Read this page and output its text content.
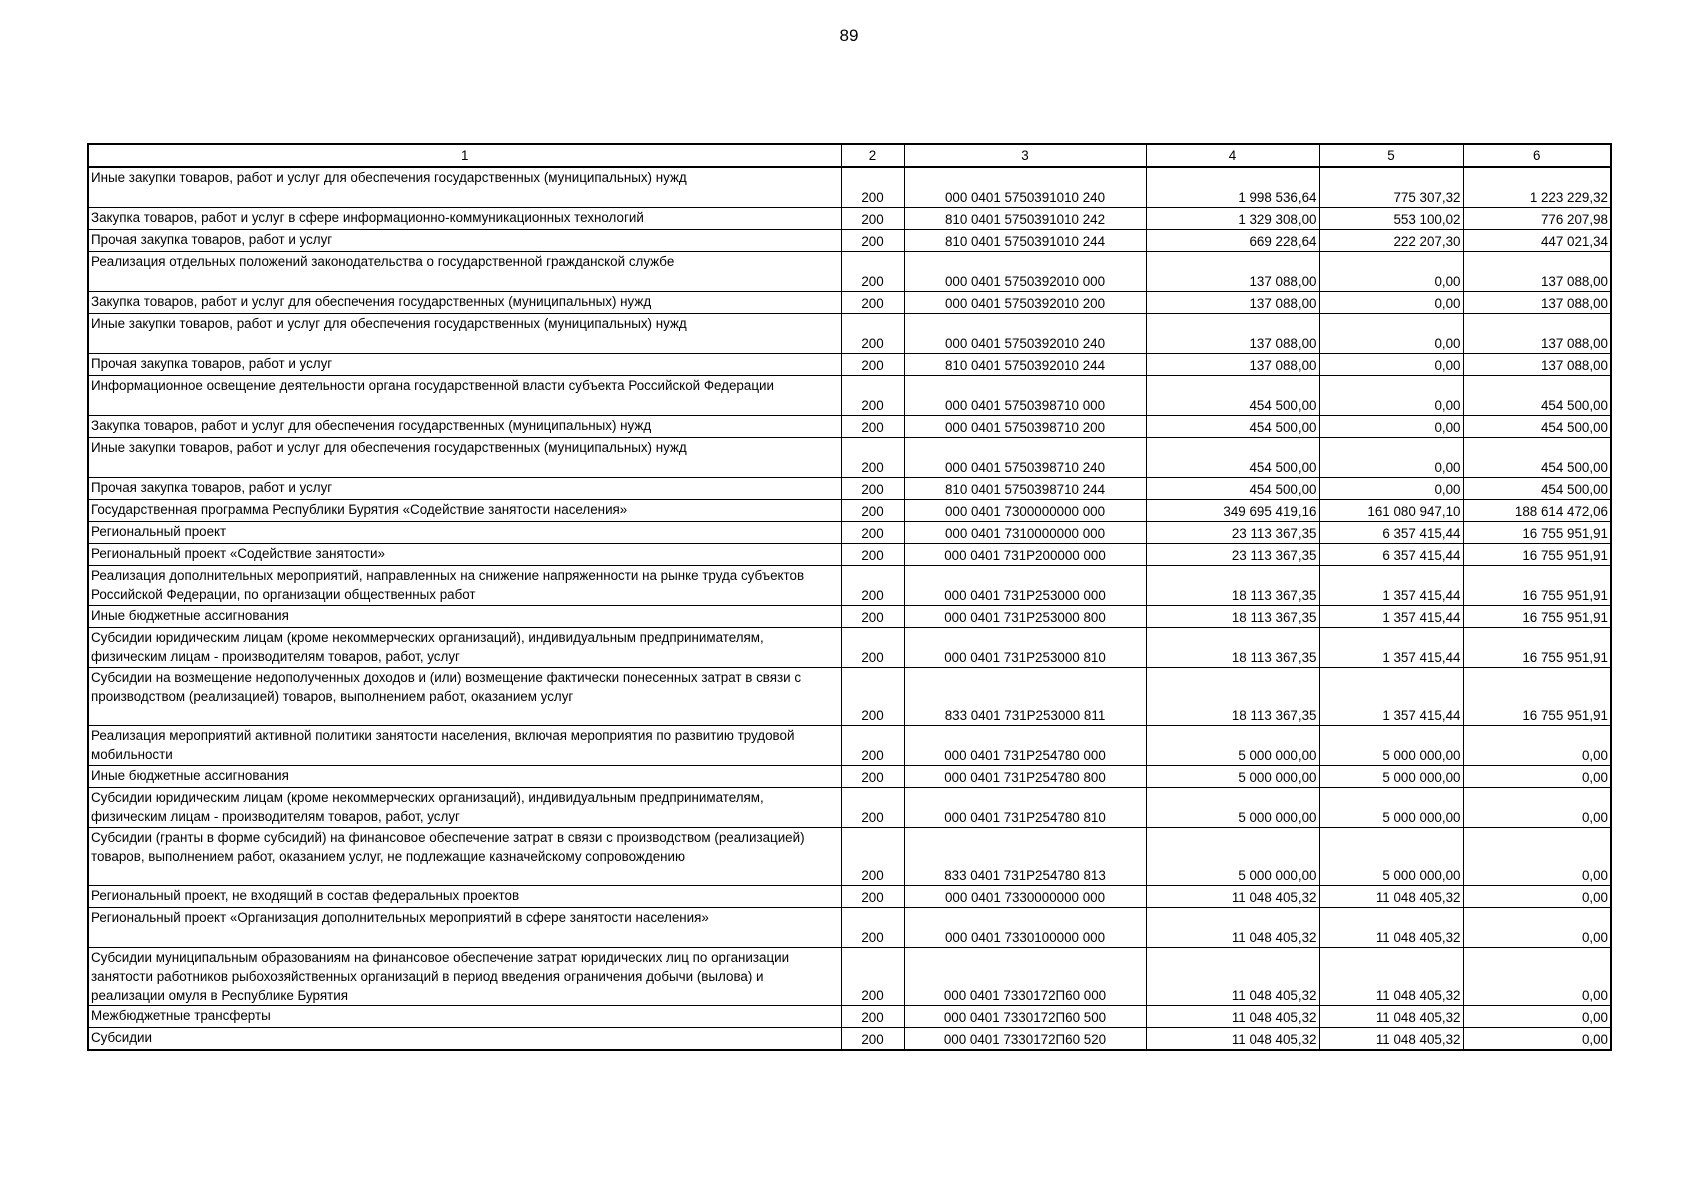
89
1	2	3	4	5	6
Иные закупки товаров, работ и услуг для обеспечения государственных (муниципальных) нужд	200	000 0401 5750391010 240	1 998 536,64	775 307,32	1 223 229,32
Закупка товаров, работ и услуг в сфере информационно-коммуникационных технологий	200	810 0401 5750391010 242	1 329 308,00	553 100,02	776 207,98
Прочая закупка товаров, работ и услуг	200	810 0401 5750391010 244	669 228,64	222 207,30	447 021,34
Реализация отдельных положений законодательства о государственной гражданской службе	200	000 0401 5750392010 000	137 088,00	0,00	137 088,00
Закупка товаров, работ и услуг для обеспечения государственных (муниципальных) нужд	200	000 0401 5750392010 200	137 088,00	0,00	137 088,00
Иные закупки товаров, работ и услуг для обеспечения государственных (муниципальных) нужд	200	000 0401 5750392010 240	137 088,00	0,00	137 088,00
Прочая закупка товаров, работ и услуг	200	810 0401 5750392010 244	137 088,00	0,00	137 088,00
Информационное освещение деятельности органа государственной власти субъекта Российской Федерации	200	000 0401 5750398710 000	454 500,00	0,00	454 500,00
Закупка товаров, работ и услуг для обеспечения государственных (муниципальных) нужд	200	000 0401 5750398710 200	454 500,00	0,00	454 500,00
Иные закупки товаров, работ и услуг для обеспечения государственных (муниципальных) нужд	200	000 0401 5750398710 240	454 500,00	0,00	454 500,00
Прочая закупка товаров, работ и услуг	200	810 0401 5750398710 244	454 500,00	0,00	454 500,00
Государственная программа Республики Бурятия «Содействие занятости населения»	200	000 0401 7300000000 000	349 695 419,16	161 080 947,10	188 614 472,06
Региональный проект	200	000 0401 7310000000 000	23 113 367,35	6 357 415,44	16 755 951,91
Региональный проект «Содействие занятости»	200	000 0401 731P200000 000	23 113 367,35	6 357 415,44	16 755 951,91
Реализация дополнительных мероприятий, направленных на снижение напряженности на рынке труда субъектов Российской Федерации, по организации общественных работ	200	000 0401 731P253000 000	18 113 367,35	1 357 415,44	16 755 951,91
Иные бюджетные ассигнования	200	000 0401 731P253000 800	18 113 367,35	1 357 415,44	16 755 951,91
Субсидии юридическим лицам (кроме некоммерческих организаций), индивидуальным предпринимателям, физическим лицам - производителям товаров, работ, услуг	200	000 0401 731P253000 810	18 113 367,35	1 357 415,44	16 755 951,91
Субсидии на возмещение недополученных доходов и (или) возмещение фактически понесенных затрат в связи с производством (реализацией) товаров, выполнением работ, оказанием услуг	200	833 0401 731P253000 811	18 113 367,35	1 357 415,44	16 755 951,91
Реализация мероприятий активной политики занятости населения, включая мероприятия по развитию трудовой мобильности	200	000 0401 731P254780 000	5 000 000,00	5 000 000,00	0,00
Иные бюджетные ассигнования	200	000 0401 731P254780 800	5 000 000,00	5 000 000,00	0,00
Субсидии юридическим лицам (кроме некоммерческих организаций), индивидуальным предпринимателям, физическим лицам - производителям товаров, работ, услуг	200	000 0401 731P254780 810	5 000 000,00	5 000 000,00	0,00
Субсидии (гранты в форме субсидий) на финансовое обеспечение затрат в связи с производством (реализацией) товаров, выполнением работ, оказанием услуг, не подлежащие казначейскому сопровождению	200	833 0401 731P254780 813	5 000 000,00	5 000 000,00	0,00
Региональный проект, не входящий в состав федеральных проектов	200	000 0401 7330000000 000	11 048 405,32	11 048 405,32	0,00
Региональный проект «Организация дополнительных мероприятий в сфере занятости населения»	200	000 0401 7330100000 000	11 048 405,32	11 048 405,32	0,00
Субсидии муниципальным образованиям на финансовое обеспечение затрат юридических лиц по организации занятости работников рыбохозяйственных организаций в период введения ограничения добычи (вылова) и реализации омуля в Республике Бурятия	200	000 0401 7330172П60 000	11 048 405,32	11 048 405,32	0,00
Межбюджетные трансферты	200	000 0401 7330172П60 500	11 048 405,32	11 048 405,32	0,00
Субсидии	200	000 0401 7330172П60 520	11 048 405,32	11 048 405,32	0,00
